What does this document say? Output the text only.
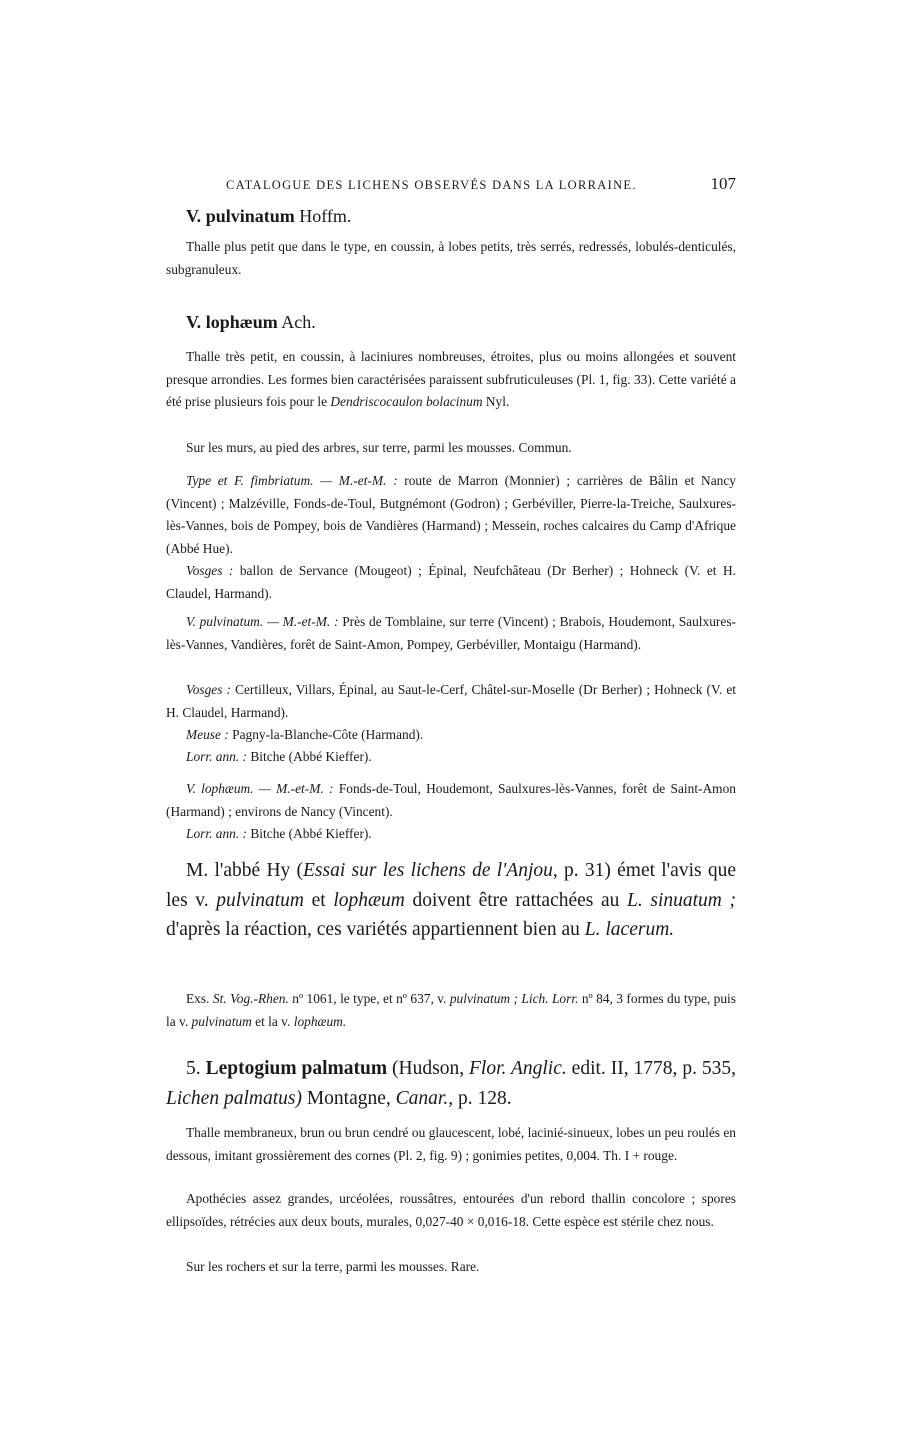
CATALOGUE DES LICHENS OBSERVÉS DANS LA LORRAINE.	107
V. pulvinatum Hoffm.

Thalle plus petit que dans le type, en coussin, à lobes petits, très serrés, redressés, lobulés-denticulés, subgranuleux.

V. lophæum Ach.

Thalle très petit, en coussin, à laciniures nombreuses, étroites, plus ou moins allongées et souvent presque arrondies. Les formes bien caractérisées paraissent subfruticuleuses (Pl. 1, fig. 33). Cette variété a été prise plusieurs fois pour le Dendriscocaulon bolacinum Nyl.

Sur les murs, au pied des arbres, sur terre, parmi les mousses. Commun.

Type et F. fimbriatum. — M.-et-M. : route de Marron (Monnier) ; carrières de Bâlin et Nancy (Vincent) ; Malzéville, Fonds-de-Toul, Butgnémont (Godron) ; Gerbéviller, Pierre-la-Treiche, Saulxures-lès-Vannes, bois de Pompey, bois de Vandières (Harmand) ; Messein, roches calcaires du Camp d'Afrique (Abbé Hue).

Vosges : ballon de Servance (Mougeot) ; Épinal, Neufchâteau (Dr Berher) ; Hohneck (V. et H. Claudel, Harmand).

V. pulvinatum. — M.-et-M. : Près de Tomblaine, sur terre (Vincent) ; Brabois, Houdemont, Saulxures-lès-Vannes, Vandières, forêt de Saint-Amon, Pompey, Gerbéviller, Montaigu (Harmand).

Vosges : Certilleux, Villars, Épinal, au Saut-le-Cerf, Châtel-sur-Moselle (Dr Berher) ; Hohneck (V. et H. Claudel, Harmand).

Meuse : Pagny-la-Blanche-Côte (Harmand).

Lorr. ann. : Bitche (Abbé Kieffer).

V. lophæum. — M.-et-M. : Fonds-de-Toul, Houdemont, Saulxures-lès-Vannes, forêt de Saint-Amon (Harmand) ; environs de Nancy (Vincent).

Lorr. ann. : Bitche (Abbé Kieffer).

M. l'abbé Hy (Essai sur les lichens de l'Anjou, p. 31) émet l'avis que les v. pulvinatum et lophæum doivent être rattachées au L. sinuatum ; d'après la réaction, ces variétés appartiennent bien au L. lacerum.

Exs. St. Vog.-Rhen. nº 1061, le type, et nº 637, v. pulvinatum ; Lich. Lorr. nº 84, 3 formes du type, puis la v. pulvinatum et la v. lophæum.

5. Leptogium palmatum (Hudson, Flor. Anglic. edit. II, 1778, p. 535, Lichen palmatus) Montagne, Canar., p. 128.

Thalle membraneux, brun ou brun cendré ou glaucescent, lobé, lacinié-sinueux, lobes un peu roulés en dessous, imitant grossièrement des cornes (Pl. 2, fig. 9) ; gonimies petites, 0,004. Th. I + rouge.

Apothécies assez grandes, urcéolées, roussâtres, entourées d'un rebord thallin concolore ; spores ellipsoïdes, rétrécies aux deux bouts, murales, 0,027-40 × 0,016-18. Cette espèce est stérile chez nous.

Sur les rochers et sur la terre, parmi les mousses. Rare.
